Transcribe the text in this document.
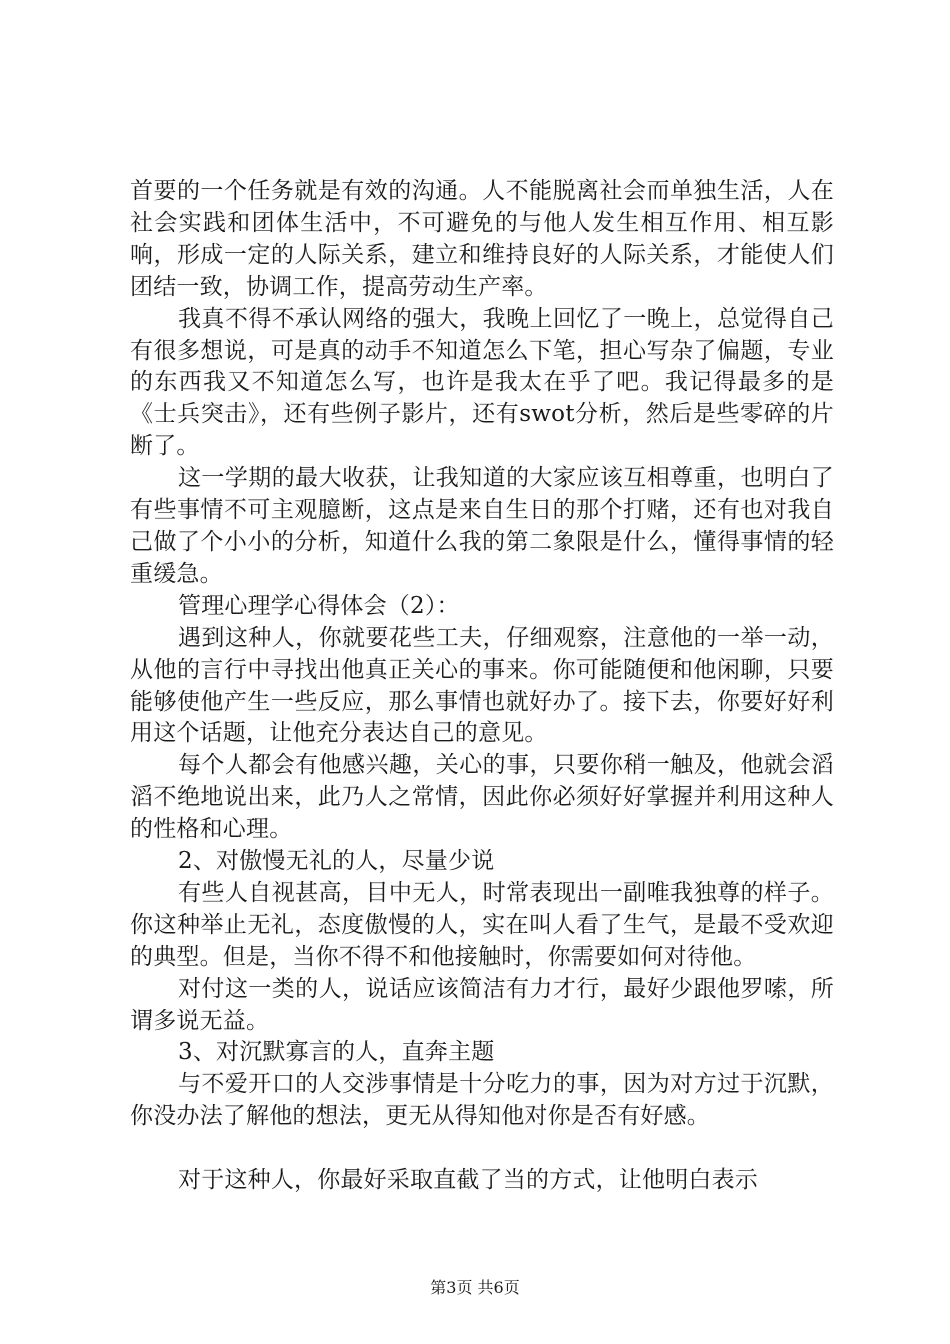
首要的一个任务就是有效的沟通。人不能脱离社会而单独生活，人在社会实践和团体生活中，不可避免的与他人发生相互作用、相互影响，形成一定的人际关系，建立和维持良好的人际关系，才能使人们团结一致，协调工作，提高劳动生产率。

我真不得不承认网络的强大，我晚上回忆了一晚上，总觉得自己有很多想说，可是真的动手不知道怎么下笔，担心写杂了偏题，专业的东西我又不知道怎么写，也许是我太在乎了吧。我记得最多的是《士兵突击》，还有些例子影片，还有swot分析，然后是些零碎的片断了。

这一学期的最大收获，让我知道的大家应该互相尊重，也明白了有些事情不可主观臆断，这点是来自生日的那个打赌，还有也对我自己做了个小小的分析，知道什么我的第二象限是什么，懂得事情的轻重缓急。

管理心理学心得体会（2）：

遇到这种人，你就要花些工夫，仔细观察，注意他的一举一动，从他的言行中寻找出他真正关心的事来。你可能随便和他闲聊，只要能够使他产生一些反应，那么事情也就好办了。接下去，你要好好利用这个话题，让他充分表达自己的意见。

每个人都会有他感兴趣，关心的事，只要你稍一触及，他就会滔滔不绝地说出来，此乃人之常情，因此你必须好好掌握并利用这种人的性格和心理。

2、对傲慢无礼的人，尽量少说

有些人自视甚高，目中无人，时常表现出一副唯我独尊的样子。你这种举止无礼，态度傲慢的人，实在叫人看了生气，是最不受欢迎的典型。但是，当你不得不和他接触时，你需要如何对待他。

对付这一类的人，说话应该简洁有力才行，最好少跟他罗嗦，所谓多说无益。

3、对沉默寡言的人，直奔主题

与不爱开口的人交涉事情是十分吃力的事，因为对方过于沉默，你没办法了解他的想法，更无从得知他对你是否有好感。

对于这种人，你最好采取直截了当的方式，让他明白表示

第3页 共6页
